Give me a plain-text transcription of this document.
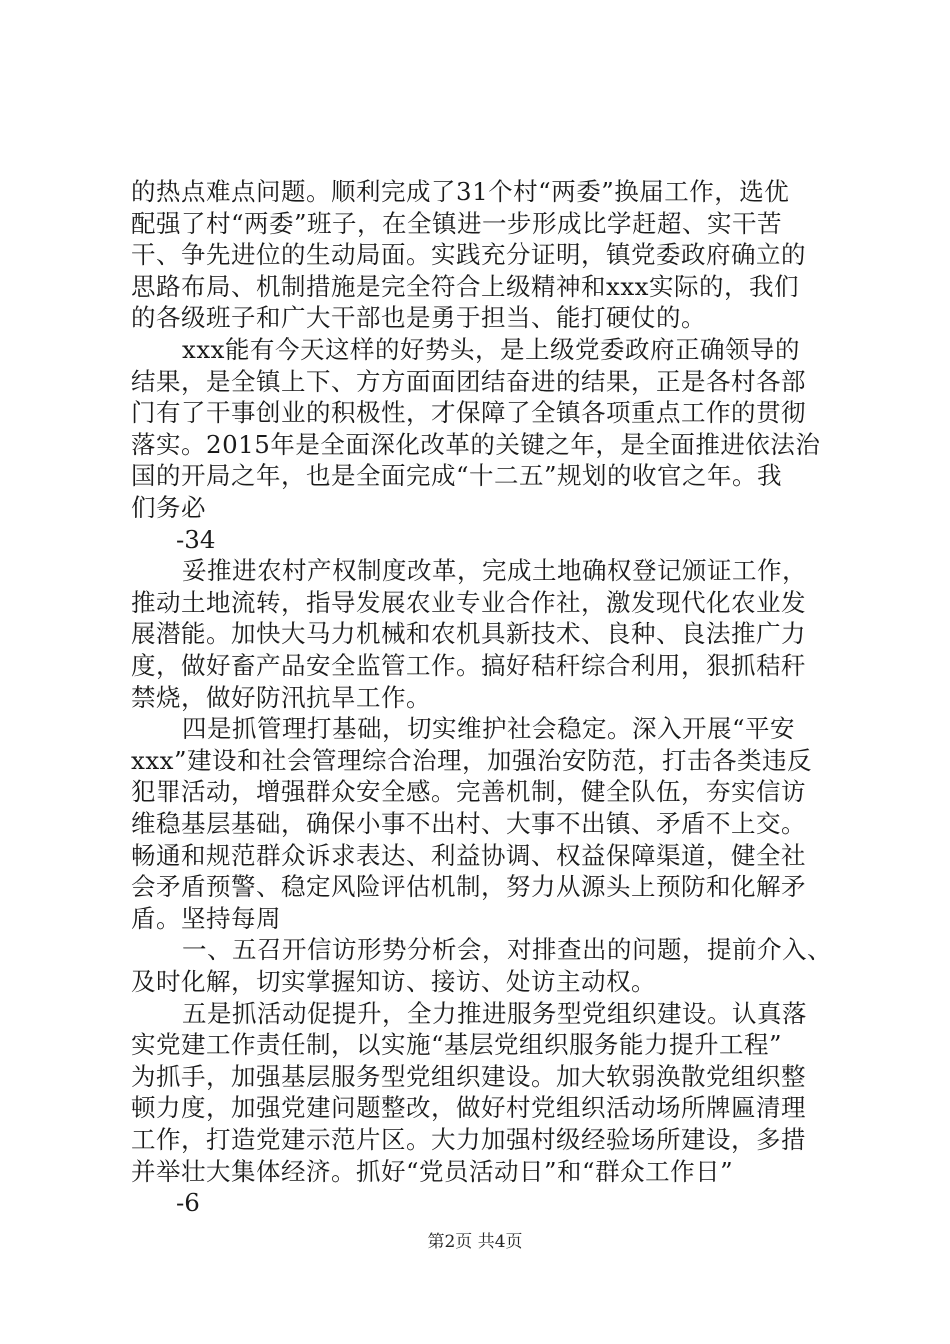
的热点难点问题。顺利完成了31个村“两委”换届工作，选优
配强了村“两委”班子，在全镇进一步形成比学赶超、实干苦
干、争先进位的生动局面。实践充分证明，镇党委政府确立的
思路布局、机制措施是完全符合上级精神和xxx实际的，我们
的各级班子和广大干部也是勇于担当、能打硬仗的。
xxx能有今天这样的好势头，是上级党委政府正确领导的
结果，是全镇上下、方方面面团结奋进的结果，正是各村各部
门有了干事创业的积极性，才保障了全镇各项重点工作的贯彻
落实。2015年是全面深化改革的关键之年，是全面推进依法治
国的开局之年，也是全面完成“十二五”规划的收官之年。我
们务必
-34
妥推进农村产权制度改革，完成土地确权登记颁证工作，
推动土地流转，指导发展农业专业合作社，激发现代化农业发
展潜能。加快大马力机械和农机具新技术、良种、良法推广力
度，做好畜产品安全监管工作。搞好秸秆综合利用，狠抓秸秆
禁烧，做好防汛抗旱工作。
四是抓管理打基础，切实维护社会稳定。深入开展“平安
xxx”建设和社会管理综合治理，加强治安防范，打击各类违反
犯罪活动，增强群众安全感。完善机制，健全队伍，夯实信访
维稳基层基础，确保小事不出村、大事不出镇、矛盾不上交。
畅通和规范群众诉求表达、利益协调、权益保障渠道，健全社
会矛盾预警、稳定风险评估机制，努力从源头上预防和化解矛
盾。坚持每周
一、五召开信访形势分析会，对排查出的问题，提前介入、
及时化解，切实掌握知访、接访、处访主动权。
五是抓活动促提升，全力推进服务型党组织建设。认真落
实党建工作责任制，以实施“基层党组织服务能力提升工程”
为抓手，加强基层服务型党组织建设。加大软弱涣散党组织整
顿力度，加强党建问题整改，做好村党组织活动场所牌匾清理
工作，打造党建示范片区。大力加强村级经验场所建设，多措
并举壮大集体经济。抓好“党员活动日”和“群众工作日”
-6
第2页 共4页
